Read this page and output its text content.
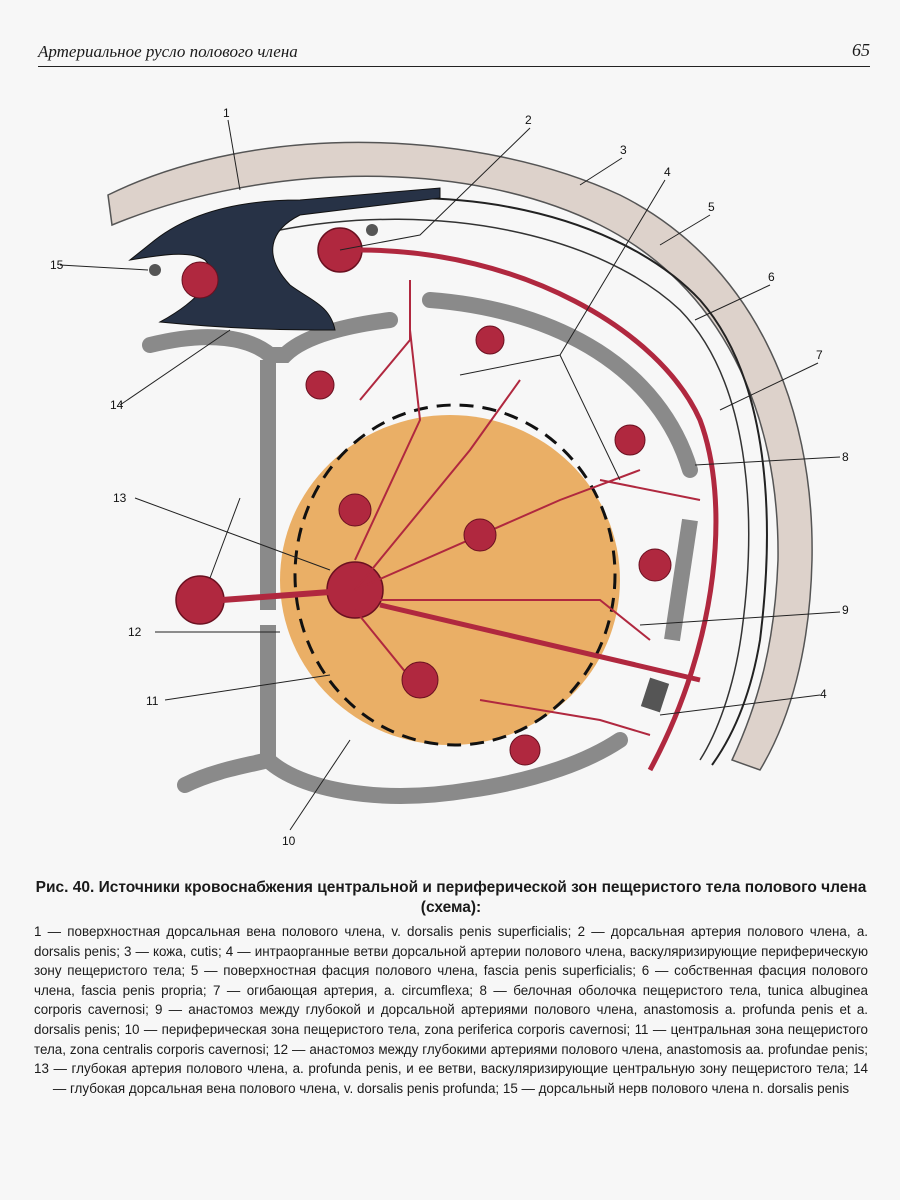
Артериальное русло полового члена	65
1	2
3
4
5
6
7
8
9
10
11
12
13
14
15
4

Рис. 40. Источники кровоснабжения центральной и периферической зон пещеристого тела полового члена (схема):

1 — поверхностная дорсальная вена полового члена, v. dorsalis penis superficialis; 2 — дорсальная артерия полового члена, a. dorsalis penis; 3 — кожа, cutis; 4 — интраорганные ветви дорсальной артерии полового члена, васкуляризирующие периферическую зону пещеристого тела; 5 — поверхностная фасция полового члена, fascia penis superficialis; 6 — собственная фасция полового члена, fascia penis propria; 7 — огибающая артерия, a. circumflexa; 8 — белочная оболочка пещеристого тела, tunica albuginea corporis cavernosi; 9 — анастомоз между глубокой и дорсальной артериями полового члена, anastomosis a. profunda penis et a. dorsalis penis; 10 — периферическая зона пещеристого тела, zona periferica corporis cavernosi; 11 — центральная зона пещеристого тела, zona centralis corporis cavernosi; 12 — анастомоз между глубокими артериями полового члена, anastomosis aa. profundae penis; 13 — глубокая артерия полового члена, a. profunda penis, и ее ветви, васкуляризирующие центральную зону пещеристого тела; 14 — глубокая дорсальная вена полового члена, v. dorsalis penis profunda; 15 — дорсальный нерв полового члена n. dorsalis penis
